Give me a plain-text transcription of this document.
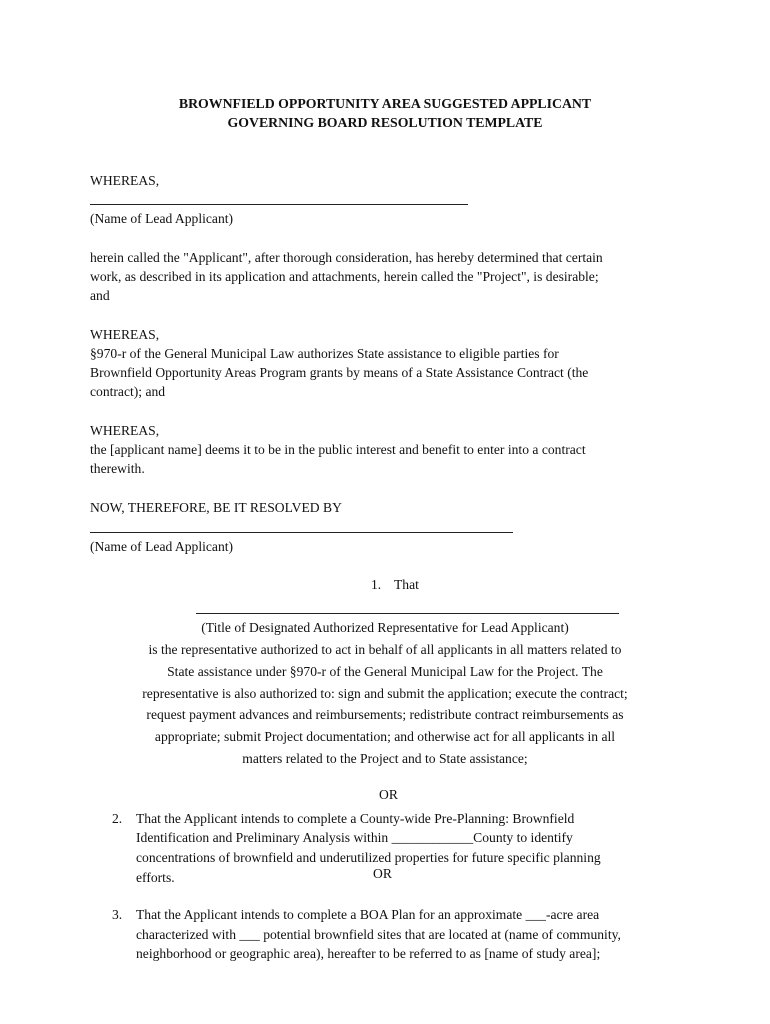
BROWNFIELD OPPORTUNITY AREA SUGGESTED APPLICANT
GOVERNING BOARD RESOLUTION TEMPLATE
WHEREAS,
(Name of Lead Applicant)
herein called the "Applicant", after thorough consideration, has hereby determined that certain
work, as described in its application and attachments, herein called the "Project", is desirable;
and
WHEREAS,
§970-r of the General Municipal Law authorizes State assistance to eligible parties for
Brownfield Opportunity Areas Program grants by means of a State Assistance Contract (the
contract); and
WHEREAS,
the [applicant name] deems it to be in the public interest and benefit to enter into a contract
therewith.
NOW, THEREFORE, BE IT RESOLVED BY
(Name of Lead Applicant)
1. That
(Title of Designated Authorized Representative for Lead Applicant)
is the representative authorized to act in behalf of all applicants in all matters related to
State assistance under §970-r of the General Municipal Law for the Project. The
representative is also authorized to: sign and submit the application; execute the contract;
request payment advances and reimbursements; redistribute contract reimbursements as
appropriate; submit Project documentation; and otherwise act for all applicants in all
matters related to the Project and to State assistance;
OR
2. That the Applicant intends to complete a County-wide Pre-Planning: Brownfield
Identification and Preliminary Analysis within ____________County to identify
concentrations of brownfield and underutilized properties for future specific planning
efforts.	OR
3. That the Applicant intends to complete a BOA Plan for an approximate ___-acre area
characterized with ___ potential brownfield sites that are located at (name of community,
neighborhood or geographic area), hereafter to be referred to as [name of study area];
